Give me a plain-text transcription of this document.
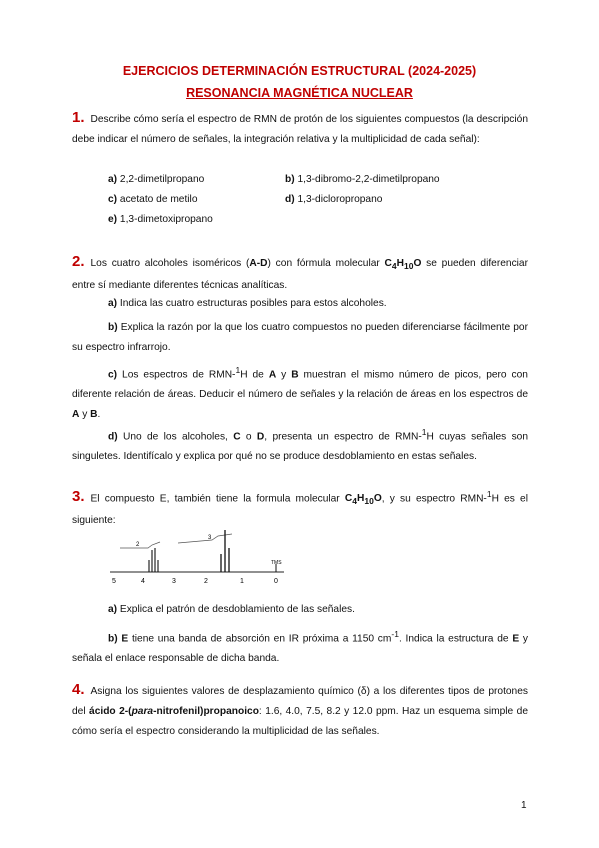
EJERCICIOS DETERMINACIÓN ESTRUCTURAL (2024-2025)
RESONANCIA MAGNÉTICA NUCLEAR
1. Describe cómo sería el espectro de RMN de protón de los siguientes compuestos (la descripción debe indicar el número de señales, la integración relativa y la multiplicidad de cada señal):
a) 2,2-dimetilpropano	b) 1,3-dibromo-2,2-dimetilpropano
c) acetato de metilo	d) 1,3-dicloropropano
e) 1,3-dimetoxipropano
2. Los cuatro alcoholes isoméricos (A-D) con fórmula molecular $C_4H_{10}O$ se pueden diferenciar entre sí mediante diferentes técnicas analíticas.
a) Indica las cuatro estructuras posibles para estos alcoholes.
b) Explica la razón por la que los cuatro compuestos no pueden diferenciarse fácilmente por su espectro infrarrojo.
c) Los espectros de RMN-$^1$H de A y B muestran el mismo número de picos, pero con diferente relación de áreas. Deducir el número de señales y la relación de áreas en los espectros de A y B.
d) Uno de los alcoholes, C o D, presenta un espectro de RMN-$^1$H cuyas señales son singuletes. Identifícalo y explica por qué no se produce desdoblamiento en estas señales.
3. El compuesto E, también tiene la formula molecular $C_4H_{10}O$, y su espectro RMN-$^1$H es el siguiente:
2
3
TMS
5	4	3	2	1	0
a) Explica el patrón de desdoblamiento de las señales.
b) E tiene una banda de absorción en IR próxima a 1150 $cm^{-1}$. Indica la estructura de E y señala el enlace responsable de dicha banda.
4. Asigna los siguientes valores de desplazamiento químico (δ) a los diferentes tipos de protones del ácido 2-(para-nitrofenil)propanoico: 1.6, 4.0, 7.5, 8.2 y 12.0 ppm. Haz un esquema simple de cómo sería el espectro considerando la multiplicidad de las señales.
1
